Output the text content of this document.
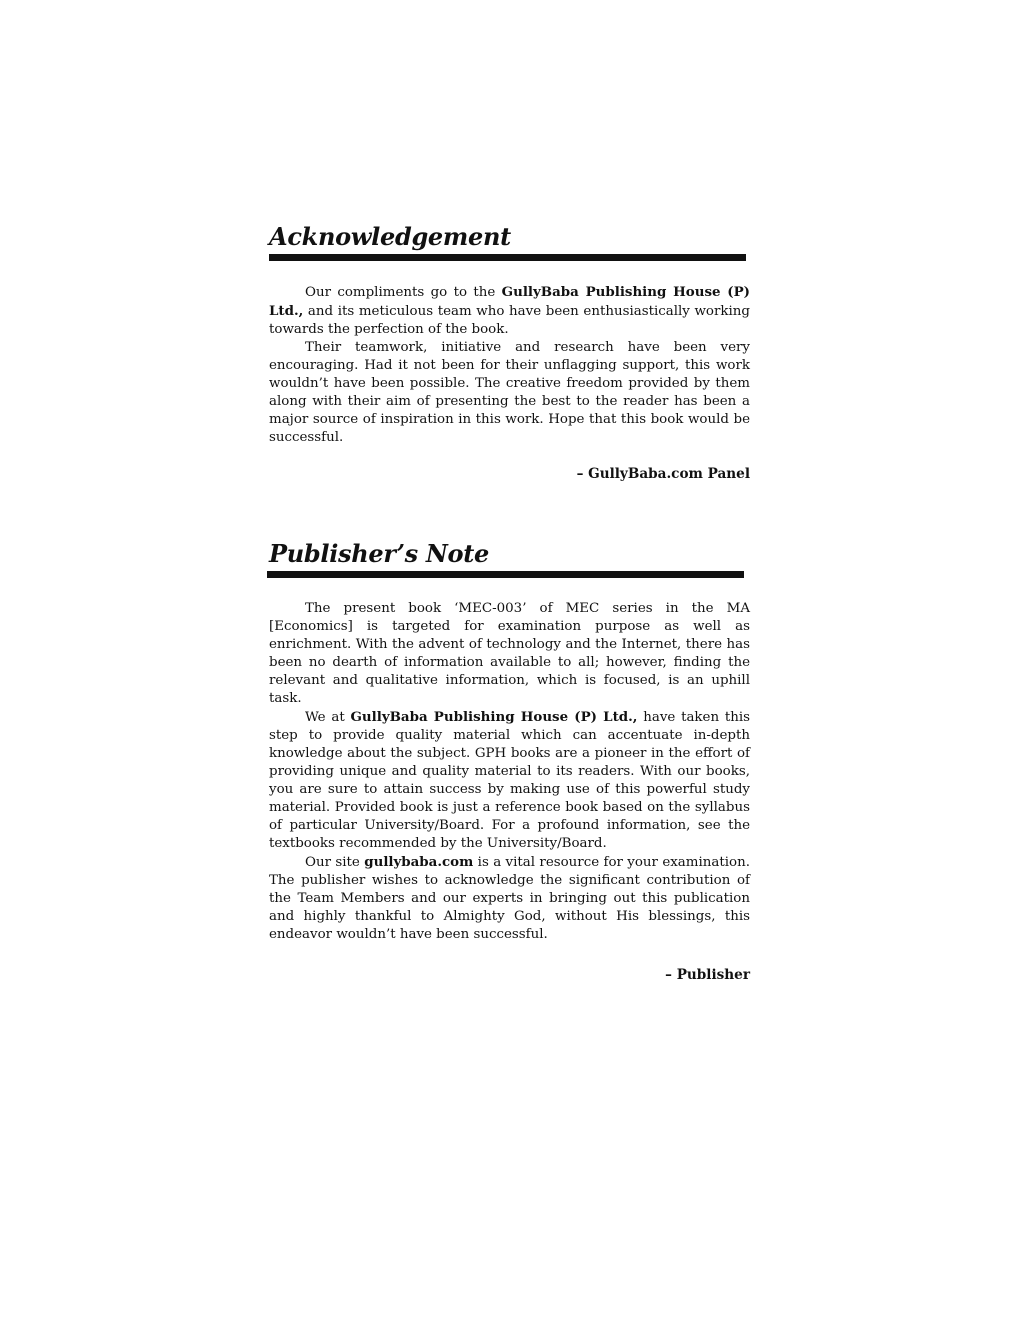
Acknowledgement

Our compliments go to the GullyBaba Publishing House (P) Ltd., and its meticulous team who have been enthusiastically working towards the perfection of the book.

Their teamwork, initiative and research have been very encouraging. Had it not been for their unflagging support, this work wouldn’t have been possible. The creative freedom provided by them along with their aim of presenting the best to the reader has been a major source of inspiration in this work. Hope that this book would be successful.

– GullyBaba.com Panel
Publisher’s Note

The present book ‘MEC-003’ of MEC series in the MA [Economics] is targeted for examination purpose as well as enrichment. With the advent of technology and the Internet, there has been no dearth of information available to all; however, finding the relevant and qualitative information, which is focused, is an uphill task.

We at GullyBaba Publishing House (P) Ltd., have taken this step to provide quality material which can accentuate in-depth knowledge about the subject. GPH books are a pioneer in the effort of providing unique and quality material to its readers. With our books, you are sure to attain success by making use of this powerful study material. Provided book is just a reference book based on the syllabus of particular University/Board. For a profound information, see the textbooks recommended by the University/Board.

Our site gullybaba.com is a vital resource for your examination. The publisher wishes to acknowledge the significant contribution of the Team Members and our experts in bringing out this publication and highly thankful to Almighty God, without His blessings, this endeavor wouldn’t have been successful.

– Publisher
